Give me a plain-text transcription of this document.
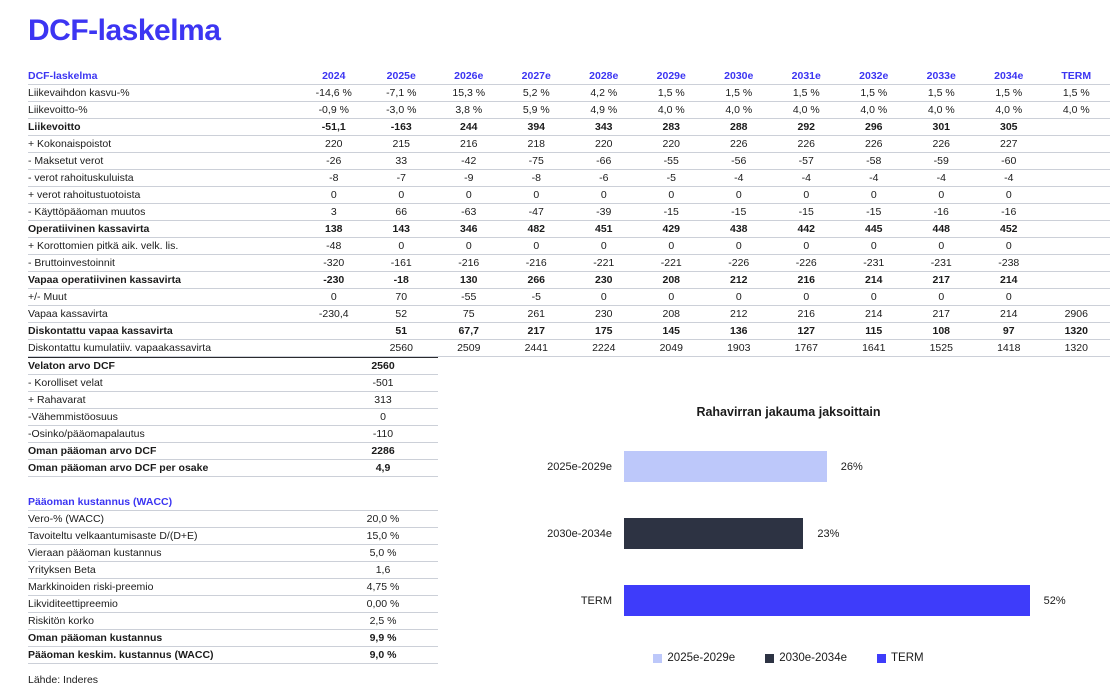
DCF-laskelma
DCF-laskelma	2024	2025e	2026e	2027e	2028e	2029e	2030e	2031e	2032e	2033e	2034e	TERM
Liikevaihdon kasvu-%	-14,6 %	-7,1 %	15,3 %	5,2 %	4,2 %	1,5 %	1,5 %	1,5 %	1,5 %	1,5 %	1,5 %	1,5 %
Liikevoitto-%	-0,9 %	-3,0 %	3,8 %	5,9 %	4,9 %	4,0 %	4,0 %	4,0 %	4,0 %	4,0 %	4,0 %	4,0 %
Liikevoitto	-51,1	-163	244	394	343	283	288	292	296	301	305	
+ Kokonaispoistot	220	215	216	218	220	220	226	226	226	226	227	
- Maksetut verot	-26	33	-42	-75	-66	-55	-56	-57	-58	-59	-60	
- verot rahoituskuluista	-8	-7	-9	-8	-6	-5	-4	-4	-4	-4	-4	
+ verot rahoitustuotoista	0	0	0	0	0	0	0	0	0	0	0	
- Käyttöpääoman muutos	3	66	-63	-47	-39	-15	-15	-15	-15	-16	-16	
Operatiivinen kassavirta	138	143	346	482	451	429	438	442	445	448	452	
+ Korottomien pitkä aik. velk. lis.	-48	0	0	0	0	0	0	0	0	0	0	
- Bruttoinvestoinnit	-320	-161	-216	-216	-221	-221	-226	-226	-231	-231	-238	
Vapaa operatiivinen kassavirta	-230	-18	130	266	230	208	212	216	214	217	214	
+/- Muut	0	70	-55	-5	0	0	0	0	0	0	0	
Vapaa kassavirta	-230,4	52	75	261	230	208	212	216	214	217	214	2906
Diskontattu vapaa kassavirta		51	67,7	217	175	145	136	127	115	108	97	1320
Diskontattu kumulatiiv. vapaakassavirta		2560	2509	2441	2224	2049	1903	1767	1641	1525	1418	1320
Velaton arvo DCF	2560
- Korolliset velat	-501
+ Rahavarat	313
-Vähemmistöosuus	0
-Osinko/pääomapalautus	-110
Oman pääoman arvo DCF	2286
Oman pääoman arvo DCF per osake	4,9
Pääoman kustannus (WACC)
Vero-% (WACC)	20,0 %
Tavoiteltu velkaantumisaste D/(D+E)	15,0 %
Vieraan pääoman kustannus	5,0 %
Yrityksen Beta	1,6
Markkinoiden riski-preemio	4,75 %
Likviditeettipreemio	0,00 %
Riskitön korko	2,5 %
Oman pääoman kustannus	9,9 %
Pääoman keskim. kustannus (WACC)	9,0 %
Lähde: Inderes
Rahavirran jakauma jaksoittain
2025e-2029e	26%
2030e-2034e	23%
TERM	52%
2025e-2029e	2030e-2034e	TERM
